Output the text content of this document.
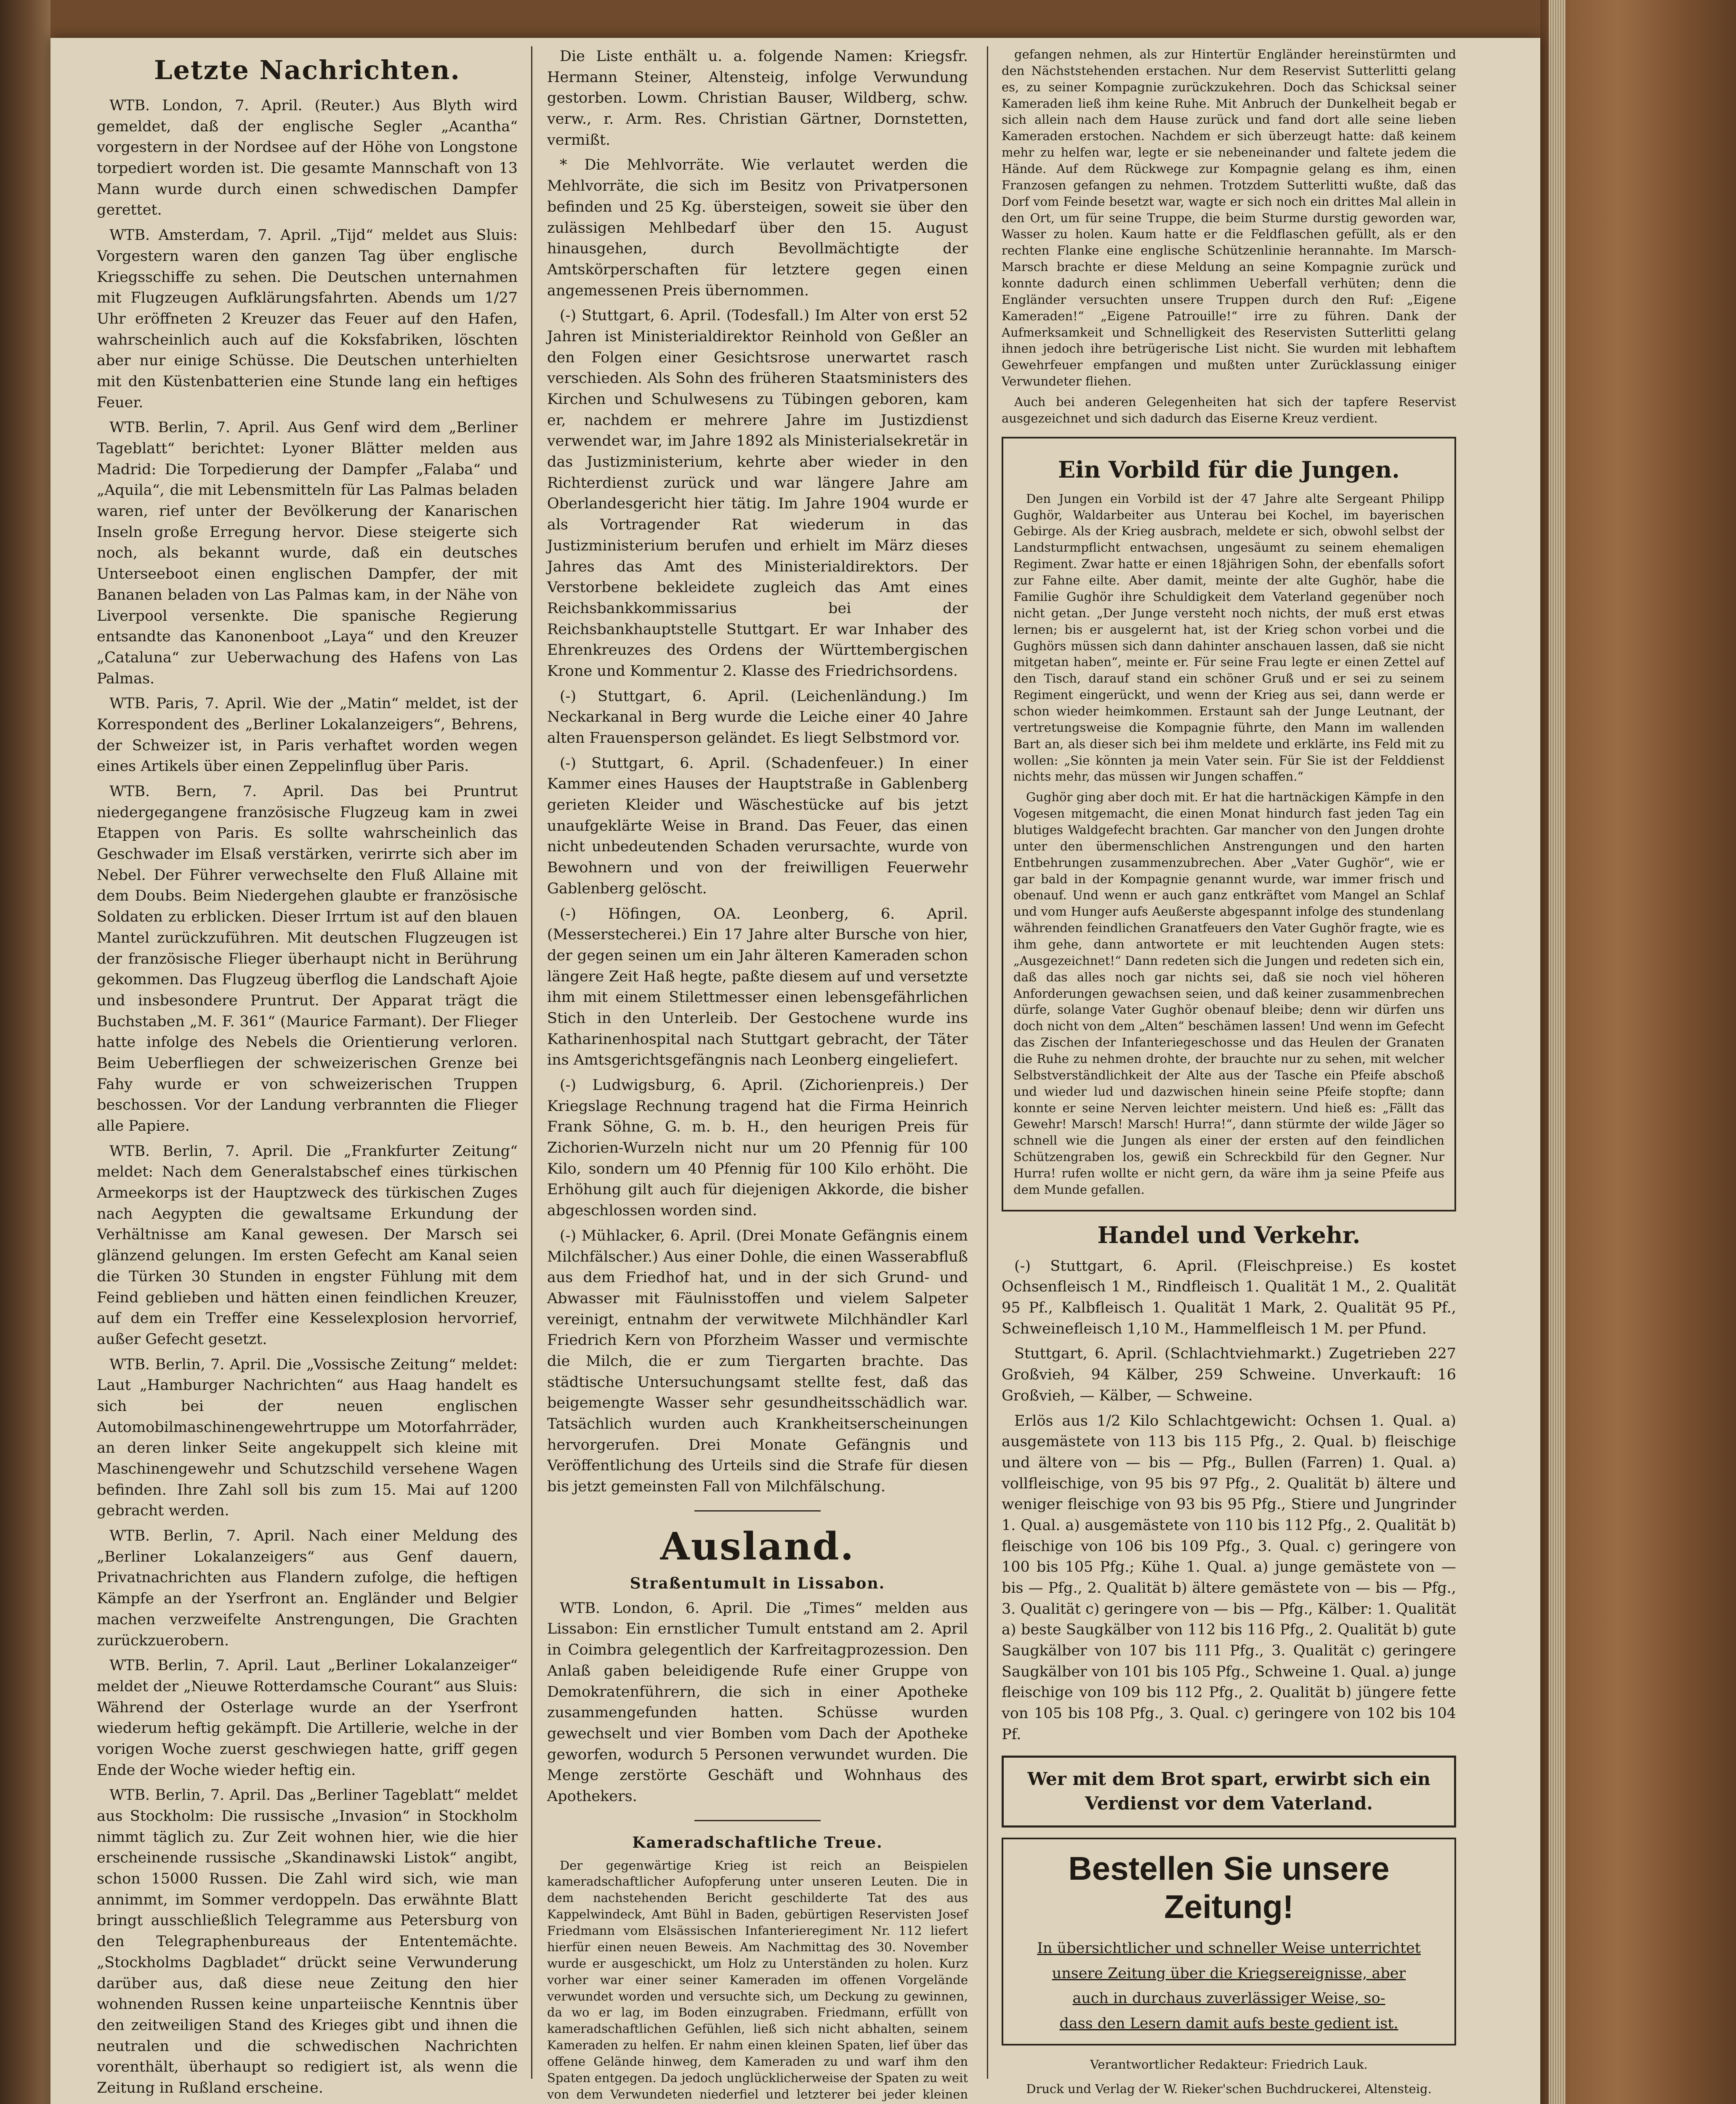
Letzte Nachrichten.

WTB. London, 7. April. (Reuter.) Aus Blyth wird gemeldet, daß der englische Segler „Acantha“ vorgestern in der Nordsee auf der Höhe von Longstone torpediert worden ist. Die gesamte Mannschaft von 13 Mann wurde durch einen schwedischen Dampfer gerettet.

WTB. Amsterdam, 7. April. „Tijd“ meldet aus Sluis: Vorgestern waren den ganzen Tag über englische Kriegsschiffe zu sehen. Die Deutschen unternahmen mit Flugzeugen Aufklärungsfahrten. Abends um 1/27 Uhr eröffneten 2 Kreuzer das Feuer auf den Hafen, wahrscheinlich auch auf die Koksfabriken, löschten aber nur einige Schüsse. Die Deutschen unterhielten mit den Küstenbatterien eine Stunde lang ein heftiges Feuer.

WTB. Berlin, 7. April. Aus Genf wird dem „Berliner Tageblatt“ berichtet: Lyoner Blätter melden aus Madrid: Die Torpedierung der Dampfer „Falaba“ und „Aquila“, die mit Lebensmitteln für Las Palmas beladen waren, rief unter der Bevölkerung der Kanarischen Inseln große Erregung hervor. Diese steigerte sich noch, als bekannt wurde, daß ein deutsches Unterseeboot einen englischen Dampfer, der mit Bananen beladen von Las Palmas kam, in der Nähe von Liverpool versenkte. Die spanische Regierung entsandte das Kanonenboot „Laya“ und den Kreuzer „Cataluna“ zur Ueberwachung des Hafens von Las Palmas.

WTB. Paris, 7. April. Wie der „Matin“ meldet, ist der Korrespondent des „Berliner Lokalanzeigers“, Behrens, der Schweizer ist, in Paris verhaftet worden wegen eines Artikels über einen Zeppelinflug über Paris.

WTB. Bern, 7. April. Das bei Pruntrut niedergegangene französische Flugzeug kam in zwei Etappen von Paris. Es sollte wahrscheinlich das Geschwader im Elsaß verstärken, verirrte sich aber im Nebel. Der Führer verwechselte den Fluß Allaine mit dem Doubs. Beim Niedergehen glaubte er französische Soldaten zu erblicken. Dieser Irrtum ist auf den blauen Mantel zurückzuführen. Mit deutschen Flugzeugen ist der französische Flieger überhaupt nicht in Berührung gekommen. Das Flugzeug überflog die Landschaft Ajoie und insbesondere Pruntrut. Der Apparat trägt die Buchstaben „M. F. 361“ (Maurice Farmant). Der Flieger hatte infolge des Nebels die Orientierung verloren. Beim Ueberfliegen der schweizerischen Grenze bei Fahy wurde er von schweizerischen Truppen beschossen. Vor der Landung verbrannten die Flieger alle Papiere.

WTB. Berlin, 7. April. Die „Frankfurter Zeitung“ meldet: Nach dem Generalstabschef eines türkischen Armeekorps ist der Hauptzweck des türkischen Zuges nach Aegypten die gewaltsame Erkundung der Verhältnisse am Kanal gewesen. Der Marsch sei glänzend gelungen. Im ersten Gefecht am Kanal seien die Türken 30 Stunden in engster Fühlung mit dem Feind geblieben und hätten einen feindlichen Kreuzer, auf dem ein Treffer eine Kesselexplosion hervorrief, außer Gefecht gesetzt.

WTB. Berlin, 7. April. Die „Vossische Zeitung“ meldet: Laut „Hamburger Nachrichten“ aus Haag handelt es sich bei der neuen englischen Automobilmaschinengewehrtruppe um Motorfahrräder, an deren linker Seite angekuppelt sich kleine mit Maschinengewehr und Schutzschild versehene Wagen befinden. Ihre Zahl soll bis zum 15. Mai auf 1200 gebracht werden.

WTB. Berlin, 7. April. Nach einer Meldung des „Berliner Lokalanzeigers“ aus Genf dauern, Privatnachrichten aus Flandern zufolge, die heftigen Kämpfe an der Yserfront an. Engländer und Belgier machen verzweifelte Anstrengungen, Die Grachten zurückzuerobern.

WTB. Berlin, 7. April. Laut „Berliner Lokalanzeiger“ meldet der „Nieuwe Rotterdamsche Courant“ aus Sluis: Während der Osterlage wurde an der Yserfront wiederum heftig gekämpft. Die Artillerie, welche in der vorigen Woche zuerst geschwiegen hatte, griff gegen Ende der Woche wieder heftig ein.

WTB. Berlin, 7. April. Das „Berliner Tageblatt“ meldet aus Stockholm: Die russische „Invasion“ in Stockholm nimmt täglich zu. Zur Zeit wohnen hier, wie die hier erscheinende russische „Skandinawski Listok“ angibt, schon 15000 Russen. Die Zahl wird sich, wie man annimmt, im Sommer verdoppeln. Das erwähnte Blatt bringt ausschließlich Telegramme aus Petersburg von den Telegraphenbureaus der Ententemächte. „Stockholms Dagbladet“ drückt seine Verwunderung darüber aus, daß diese neue Zeitung den hier wohnenden Russen keine unparteiische Kenntnis über den zeitweiligen Stand des Krieges gibt und ihnen die neutralen und die schwedischen Nachrichten vorenthält, überhaupt so redigiert ist, als wenn die Zeitung in Rußland erscheine.

Die Liste enthält u. a. folgende Namen: Kriegsfr. Hermann Steiner, Altensteig, infolge Verwundung gestorben. Lowm. Christian Bauser, Wildberg, schw. verw., r. Arm. Res. Christian Gärtner, Dornstetten, vermißt.

* Die Mehlvorräte. Wie verlautet werden die Mehlvorräte, die sich im Besitz von Privatpersonen befinden und 25 Kg. übersteigen, soweit sie über den zulässigen Mehlbedarf über den 15. August hinausgehen, durch Bevollmächtigte der Amtskörperschaften für letztere gegen einen angemessenen Preis übernommen.

(-) Stuttgart, 6. April. (Todesfall.) Im Alter von erst 52 Jahren ist Ministerialdirektor Reinhold von Geßler an den Folgen einer Gesichtsrose unerwartet rasch verschieden. Als Sohn des früheren Staatsministers des Kirchen und Schulwesens zu Tübingen geboren, kam er, nachdem er mehrere Jahre im Justizdienst verwendet war, im Jahre 1892 als Ministerialsekretär in das Justizministerium, kehrte aber wieder in den Richterdienst zurück und war längere Jahre am Oberlandesgericht hier tätig. Im Jahre 1904 wurde er als Vortragender Rat wiederum in das Justizministerium berufen und erhielt im März dieses Jahres das Amt des Ministerialdirektors. Der Verstorbene bekleidete zugleich das Amt eines Reichsbankkommissarius bei der Reichsbankhauptstelle Stuttgart. Er war Inhaber des Ehrenkreuzes des Ordens der Württembergischen Krone und Kommentur 2. Klasse des Friedrichsordens.

(-) Stuttgart, 6. April. (Leichenländung.) Im Neckarkanal in Berg wurde die Leiche einer 40 Jahre alten Frauensperson geländet. Es liegt Selbstmord vor.

(-) Stuttgart, 6. April. (Schadenfeuer.) In einer Kammer eines Hauses der Hauptstraße in Gablenberg gerieten Kleider und Wäschestücke auf bis jetzt unaufgeklärte Weise in Brand. Das Feuer, das einen nicht unbedeutenden Schaden verursachte, wurde von Bewohnern und von der freiwilligen Feuerwehr Gablenberg gelöscht.

(-) Höfingen, OA. Leonberg, 6. April. (Messerstecherei.) Ein 17 Jahre alter Bursche von hier, der gegen seinen um ein Jahr älteren Kameraden schon längere Zeit Haß hegte, paßte diesem auf und versetzte ihm mit einem Stilettmesser einen lebensgefährlichen Stich in den Unterleib. Der Gestochene wurde ins Katharinenhospital nach Stuttgart gebracht, der Täter ins Amtsgerichtsgefängnis nach Leonberg eingeliefert.

(-) Ludwigsburg, 6. April. (Zichorienpreis.) Der Kriegslage Rechnung tragend hat die Firma Heinrich Frank Söhne, G. m. b. H., den heurigen Preis für Zichorien-Wurzeln nicht nur um 20 Pfennig für 100 Kilo, sondern um 40 Pfennig für 100 Kilo erhöht. Die Erhöhung gilt auch für diejenigen Akkorde, die bisher abgeschlossen worden sind.

(-) Mühlacker, 6. April. (Drei Monate Gefängnis einem Milchfälscher.) Aus einer Dohle, die einen Wasserabfluß aus dem Friedhof hat, und in der sich Grund- und Abwasser mit Fäulnisstoffen und vielem Salpeter vereinigt, entnahm der verwitwete Milchhändler Karl Friedrich Kern von Pforzheim Wasser und vermischte die Milch, die er zum Tiergarten brachte. Das städtische Untersuchungsamt stellte fest, daß das beigemengte Wasser sehr gesundheitsschädlich war. Tatsächlich wurden auch Krankheitserscheinungen hervorgerufen. Drei Monate Gefängnis und Veröffentlichung des Urteils sind die Strafe für diesen bis jetzt gemeinsten Fall von Milchfälschung.

Ausland.
Straßentumult in Lissabon.

WTB. London, 6. April. Die „Times“ melden aus Lissabon: Ein ernstlicher Tumult entstand am 2. April in Coimbra gelegentlich der Karfreitagprozession. Den Anlaß gaben beleidigende Rufe einer Gruppe von Demokratenführern, die sich in einer Apotheke zusammengefunden hatten. Schüsse wurden gewechselt und vier Bomben vom Dach der Apotheke geworfen, wodurch 5 Personen verwundet wurden. Die Menge zerstörte Geschäft und Wohnhaus des Apothekers.

Kameradschaftliche Treue.

Der gegenwärtige Krieg ist reich an Beispielen kameradschaftlicher Aufopferung unter unseren Leuten. Die in dem nachstehenden Bericht geschilderte Tat des aus Kappelwindeck, Amt Bühl in Baden, gebürtigen Reservisten Josef Friedmann vom Elsässischen Infanterieregiment Nr. 112 liefert hierfür einen neuen Beweis. Am Nachmittag des 30. November wurde er ausgeschickt, um Holz zu Unterständen zu holen. Kurz vorher war einer seiner Kameraden im offenen Vorgelände verwundet worden und versuchte sich, um Deckung zu gewinnen, da wo er lag, im Boden einzugraben. Friedmann, erfüllt von kameradschaftlichen Gefühlen, ließ sich nicht abhalten, seinem Kameraden zu helfen. Er nahm einen kleinen Spaten, lief über das offene Gelände hinweg, dem Kameraden zu und warf ihm den Spaten entgegen. Da jedoch unglücklicherweise der Spaten zu weit von dem Verwundeten niederfiel und letzterer bei jeder kleinen

gefangen nehmen, als zur Hintertür Engländer hereinstürmten und den Nächststehenden erstachen. Nur dem Reservist Sutterlitti gelang es, zu seiner Kompagnie zurückzukehren. Doch das Schicksal seiner Kameraden ließ ihm keine Ruhe. Mit Anbruch der Dunkelheit begab er sich allein nach dem Hause zurück und fand dort alle seine lieben Kameraden erstochen. Nachdem er sich überzeugt hatte: daß keinem mehr zu helfen war, legte er sie nebeneinander und faltete jedem die Hände. Auf dem Rückwege zur Kompagnie gelang es ihm, einen Franzosen gefangen zu nehmen. Trotzdem Sutterlitti wußte, daß das Dorf vom Feinde besetzt war, wagte er sich noch ein drittes Mal allein in den Ort, um für seine Truppe, die beim Sturme durstig geworden war, Wasser zu holen. Kaum hatte er die Feldflaschen gefüllt, als er den rechten Flanke eine englische Schützenlinie herannahte. Im Marsch-Marsch brachte er diese Meldung an seine Kompagnie zurück und konnte dadurch einen schlimmen Ueberfall verhüten; denn die Engländer versuchten unsere Truppen durch den Ruf: „Eigene Kameraden!“ „Eigene Patrouille!“ irre zu führen. Dank der Aufmerksamkeit und Schnelligkeit des Reservisten Sutterlitti gelang ihnen jedoch ihre betrügerische List nicht. Sie wurden mit lebhaftem Gewehrfeuer empfangen und mußten unter Zurücklassung einiger Verwundeter fliehen.

Auch bei anderen Gelegenheiten hat sich der tapfere Reservist ausgezeichnet und sich dadurch das Eiserne Kreuz verdient.

Ein Vorbild für die Jungen.

Den Jungen ein Vorbild ist der 47 Jahre alte Sergeant Philipp Gughör, Waldarbeiter aus Unterau bei Kochel, im bayerischen Gebirge. Als der Krieg ausbrach, meldete er sich, obwohl selbst der Landsturmpflicht entwachsen, ungesäumt zu seinem ehemaligen Regiment. Zwar hatte er einen 18jährigen Sohn, der ebenfalls sofort zur Fahne eilte. Aber damit, meinte der alte Gughör, habe die Familie Gughör ihre Schuldigkeit dem Vaterland gegenüber noch nicht getan. „Der Junge versteht noch nichts, der muß erst etwas lernen; bis er ausgelernt hat, ist der Krieg schon vorbei und die Gughörs müssen sich dann dahinter anschauen lassen, daß sie nicht mitgetan haben“, meinte er. Für seine Frau legte er einen Zettel auf den Tisch, darauf stand ein schöner Gruß und er sei zu seinem Regiment eingerückt, und wenn der Krieg aus sei, dann werde er schon wieder heimkommen. Erstaunt sah der Junge Leutnant, der vertretungsweise die Kompagnie führte, den Mann im wallenden Bart an, als dieser sich bei ihm meldete und erklärte, ins Feld mit zu wollen: „Sie könnten ja mein Vater sein. Für Sie ist der Felddienst nichts mehr, das müssen wir Jungen schaffen.“

Gughör ging aber doch mit. Er hat die hartnäckigen Kämpfe in den Vogesen mitgemacht, die einen Monat hindurch fast jeden Tag ein blutiges Waldgefecht brachten. Gar mancher von den Jungen drohte unter den übermenschlichen Anstrengungen und den harten Entbehrungen zusammenzubrechen. Aber „Vater Gughör“, wie er gar bald in der Kompagnie genannt wurde, war immer frisch und obenauf. Und wenn er auch ganz entkräftet vom Mangel an Schlaf und vom Hunger aufs Aeußerste abgespannt infolge des stundenlang währenden feindlichen Granatfeuers den Vater Gughör fragte, wie es ihm gehe, dann antwortete er mit leuchtenden Augen stets: „Ausgezeichnet!“ Dann redeten sich die Jungen und redeten sich ein, daß das alles noch gar nichts sei, daß sie noch viel höheren Anforderungen gewachsen seien, und daß keiner zusammenbrechen dürfe, solange Vater Gughör obenauf bleibe; denn wir dürfen uns doch nicht von dem „Alten“ beschämen lassen! Und wenn im Gefecht das Zischen der Infanteriegeschosse und das Heulen der Granaten die Ruhe zu nehmen drohte, der brauchte nur zu sehen, mit welcher Selbstverständlichkeit der Alte aus der Tasche ein Pfeife abschoß und wieder lud und dazwischen hinein seine Pfeife stopfte; dann konnte er seine Nerven leichter meistern. Und hieß es: „Fällt das Gewehr! Marsch! Marsch! Hurra!“, dann stürmte der wilde Jäger so schnell wie die Jungen als einer der ersten auf den feindlichen Schützengraben los, gewiß ein Schreckbild für den Gegner. Nur Hurra! rufen wollte er nicht gern, da wäre ihm ja seine Pfeife aus dem Munde gefallen.

Handel und Verkehr.

(-) Stuttgart, 6. April. (Fleischpreise.) Es kostet Ochsenfleisch 1 M., Rindfleisch 1. Qualität 1 M., 2. Qualität 95 Pf., Kalbfleisch 1. Qualität 1 Mark, 2. Qualität 95 Pf., Schweinefleisch 1,10 M., Hammelfleisch 1 M. per Pfund.

Stuttgart, 6. April. (Schlachtviehmarkt.) Zugetrieben 227 Großvieh, 94 Kälber, 259 Schweine. Unverkauft: 16 Großvieh, — Kälber, — Schweine.

Erlös aus 1/2 Kilo Schlachtgewicht: Ochsen 1. Qual. a) ausgemästete von 113 bis 115 Pfg., 2. Qual. b) fleischige und ältere von — bis — Pfg., Bullen (Farren) 1. Qual. a) vollfleischige, von 95 bis 97 Pfg., 2. Qualität b) ältere und weniger fleischige von 93 bis 95 Pfg., Stiere und Jungrinder 1. Qual. a) ausgemästete von 110 bis 112 Pfg., 2. Qualität b) fleischige von 106 bis 109 Pfg., 3. Qual. c) geringere von 100 bis 105 Pfg.; Kühe 1. Qual. a) junge gemästete von — bis — Pfg., 2. Qualität b) ältere gemästete von — bis — Pfg., 3. Qualität c) geringere von — bis — Pfg., Kälber: 1. Qualität a) beste Saugkälber von 112 bis 116 Pfg., 2. Qualität b) gute Saugkälber von 107 bis 111 Pfg., 3. Qualität c) geringere Saugkälber von 101 bis 105 Pfg., Schweine 1. Qual. a) junge fleischige von 109 bis 112 Pfg., 2. Qualität b) jüngere fette von 105 bis 108 Pfg., 3. Qual. c) geringere von 102 bis 104 Pf.

Wer mit dem Brot spart, erwirbt sich ein Verdienst vor dem Vaterland.
Bestellen Sie unsere Zeitung!
In übersichtlicher und schneller Weise unterrichtet
unsere Zeitung über die Kriegsereignisse, aber
auch in durchaus zuverlässiger Weise, so-
dass den Lesern damit aufs beste gedient ist.
Verantwortlicher Redakteur: Friedrich Lauk.
Druck und Verlag der W. Rieker'schen Buchdruckerei, Altensteig.
